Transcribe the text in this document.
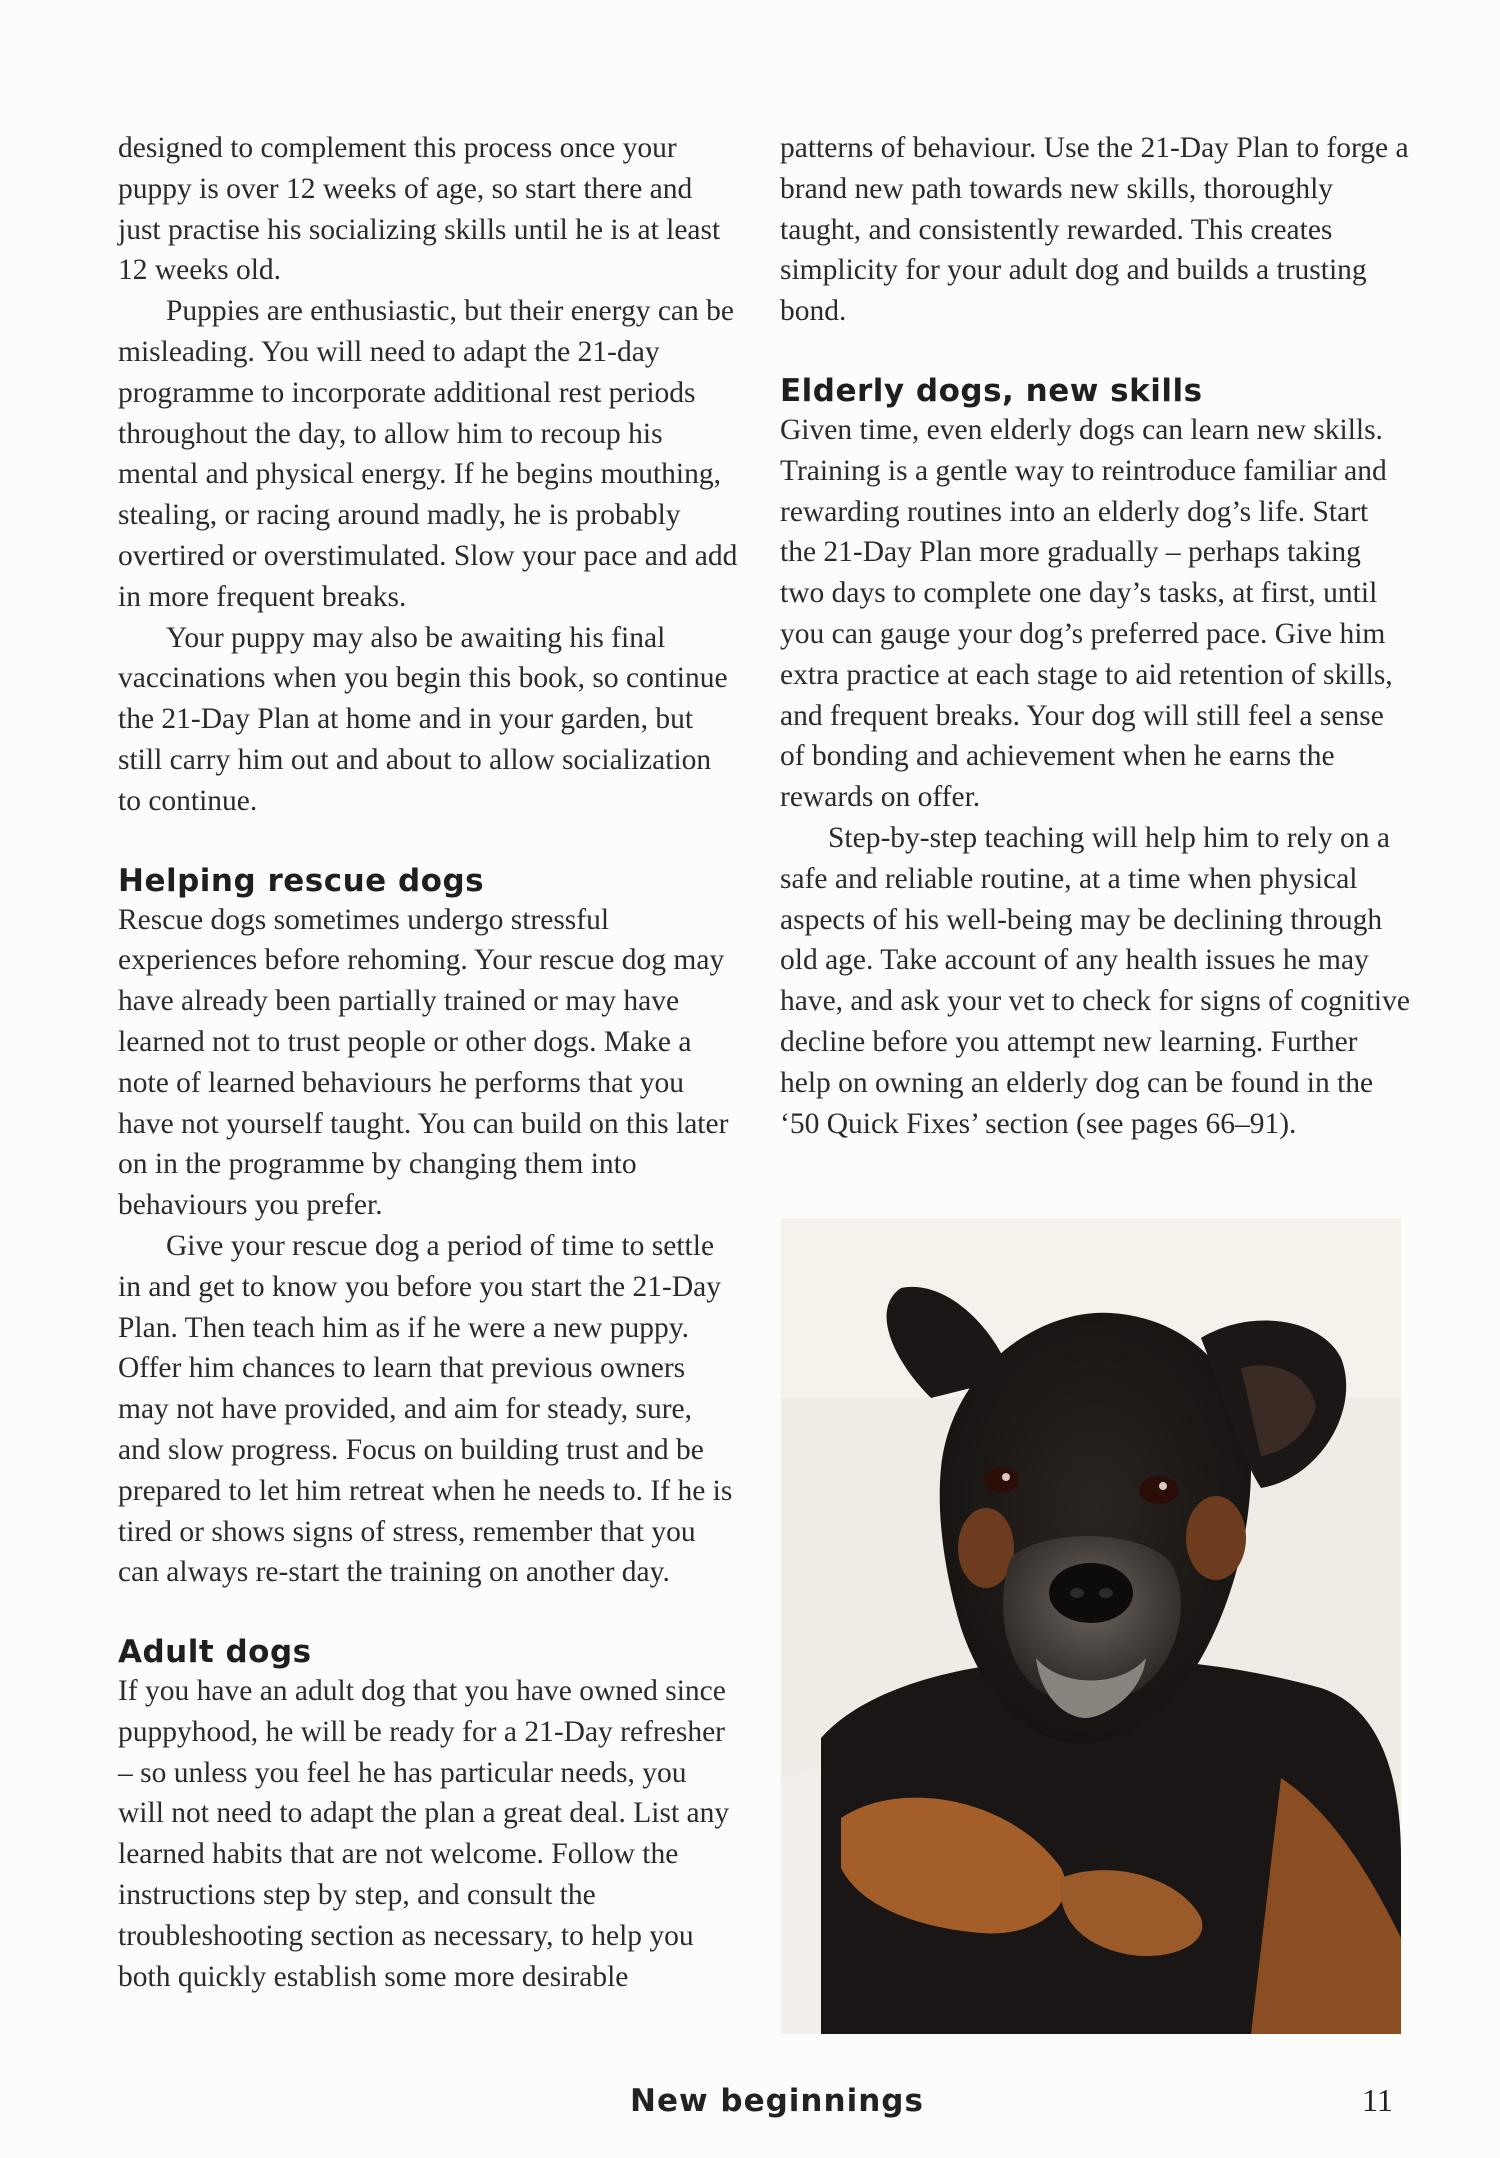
designed to complement this process once your puppy is over 12 weeks of age, so start there and just practise his socializing skills until he is at least 12 weeks old.

Puppies are enthusiastic, but their energy can be misleading. You will need to adapt the 21-day programme to incorporate additional rest periods throughout the day, to allow him to recoup his mental and physical energy. If he begins mouthing, stealing, or racing around madly, he is probably overtired or overstimulated. Slow your pace and add in more frequent breaks.

Your puppy may also be awaiting his final vaccinations when you begin this book, so continue the 21-Day Plan at home and in your garden, but still carry him out and about to allow socialization to continue.

Helping rescue dogs

Rescue dogs sometimes undergo stressful experiences before rehoming. Your rescue dog may have already been partially trained or may have learned not to trust people or other dogs. Make a note of learned behaviours he performs that you have not yourself taught. You can build on this later on in the programme by changing them into behaviours you prefer.

Give your rescue dog a period of time to settle in and get to know you before you start the 21-Day Plan. Then teach him as if he were a new puppy. Offer him chances to learn that previous owners may not have provided, and aim for steady, sure, and slow progress. Focus on building trust and be prepared to let him retreat when he needs to. If he is tired or shows signs of stress, remember that you can always re-start the training on another day.

Adult dogs

If you have an adult dog that you have owned since puppyhood, he will be ready for a 21-Day refresher – so unless you feel he has particular needs, you will not need to adapt the plan a great deal. List any learned habits that are not welcome. Follow the instructions step by step, and consult the troubleshooting section as necessary, to help you both quickly establish some more desirable

patterns of behaviour. Use the 21-Day Plan to forge a brand new path towards new skills, thoroughly taught, and consistently rewarded. This creates simplicity for your adult dog and builds a trusting bond.

Elderly dogs, new skills

Given time, even elderly dogs can learn new skills. Training is a gentle way to reintroduce familiar and rewarding routines into an elderly dog’s life. Start the 21-Day Plan more gradually – perhaps taking two days to complete one day’s tasks, at first, until you can gauge your dog’s preferred pace. Give him extra practice at each stage to aid retention of skills, and frequent breaks. Your dog will still feel a sense of bonding and achievement when he earns the rewards on offer.

Step-by-step teaching will help him to rely on a safe and reliable routine, at a time when physical aspects of his well-being may be declining through old age. Take account of any health issues he may have, and ask your vet to check for signs of cognitive decline before you attempt new learning. Further help on owning an elderly dog can be found in the ‘50 Quick Fixes’ section (see pages 66–91).

New beginnings	11
